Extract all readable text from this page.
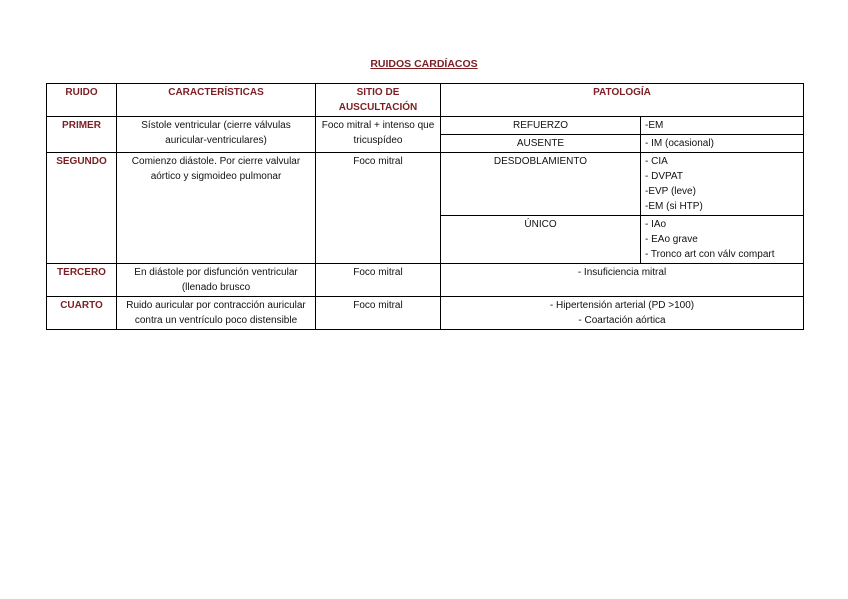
RUIDOS CARDÍACOS
RUIDO	CARACTERÍSTICAS	SITIO DE AUSCULTACIÓN	PATOLOGÍA	
PRIMER	Sístole ventricular (cierre válvulas auricular-ventriculares)	Foco mitral + intenso que tricuspídeo	REFUERZO	-EM

			AUSENTE	- IM (ocasional)

SEGUNDO	Comienzo diástole. Por cierre valvular aórtico y sigmoideo pulmonar	Foco mitral	DESDOBLAMIENTO	- CIA
- DVPAT
-EVP (leve)
-EM (si HTP)

			ÚNICO	- IAo
- EAo grave
- Tronco art con válv compart

TERCERO	En diástole por disfunción ventricular (llenado brusco	Foco mitral	- Insuficiencia mitral	

CUARTO	Ruido auricular por contracción auricular contra un ventrículo poco distensible	Foco mitral	- Hipertensión arterial (PD >100)
- Coartación aórtica	
